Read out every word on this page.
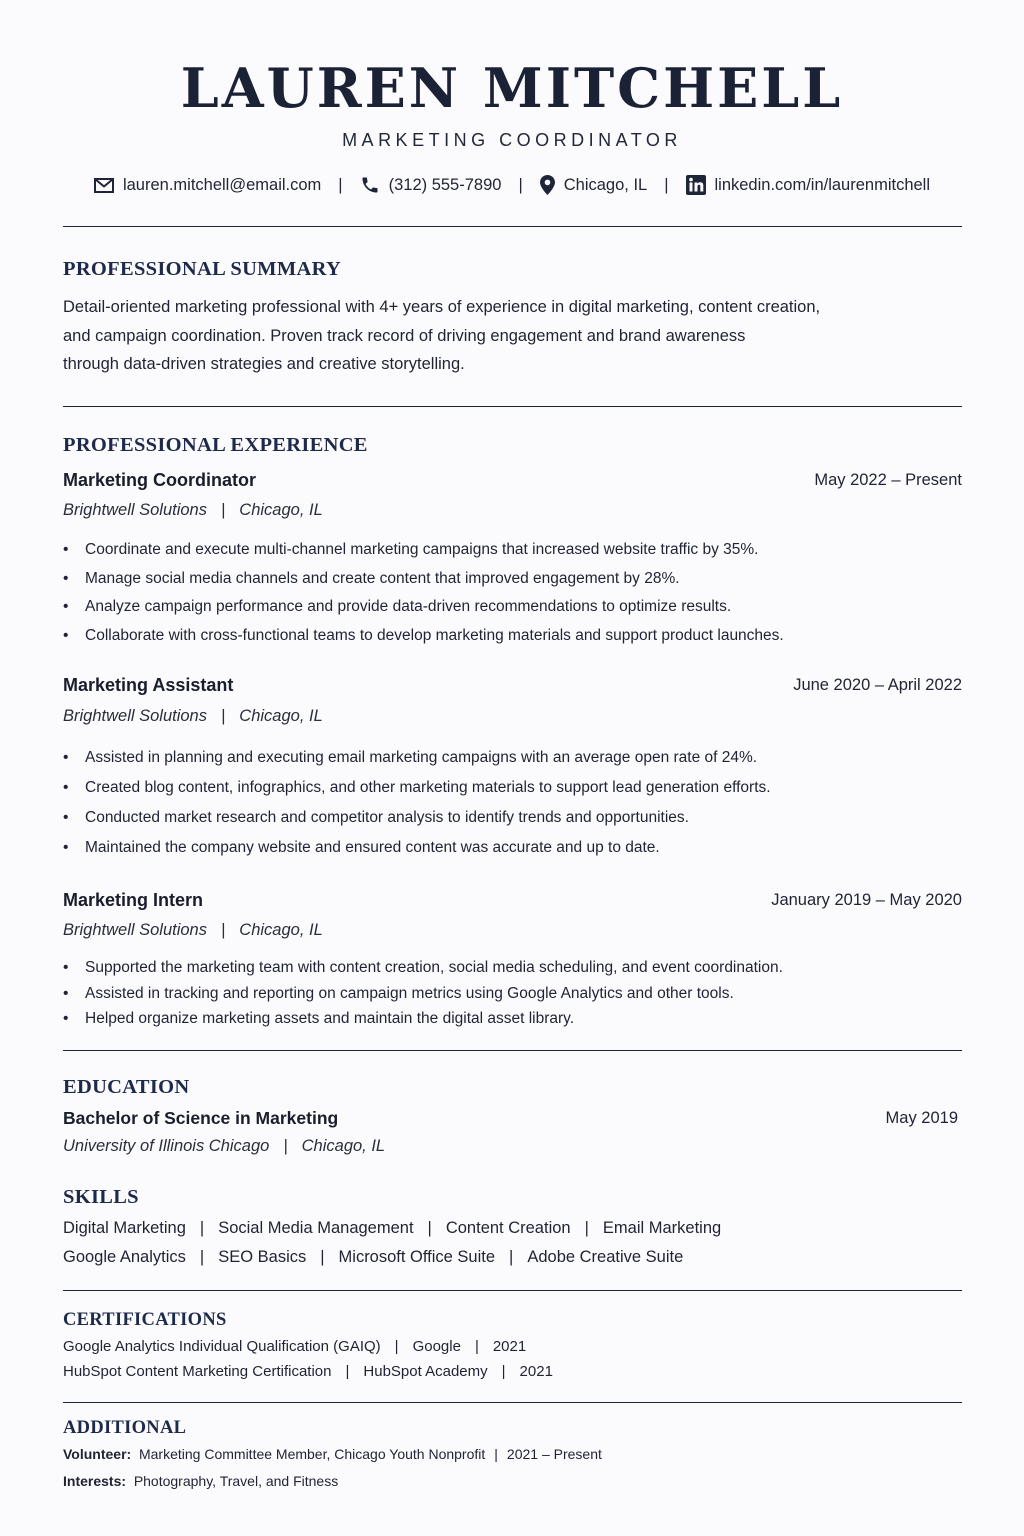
LAUREN MITCHELL
MARKETING COORDINATOR
lauren.mitchell@email.com |	(312) 555-7890 | Chicago, IL |	linkedin.com/in/laurenmitchell
PROFESSIONAL SUMMARY
Detail-oriented marketing professional with 4+ years of experience in digital marketing, content creation,
and campaign coordination. Proven track record of driving engagement and brand awareness
through data-driven strategies and creative storytelling.
PROFESSIONAL EXPERIENCE
Marketing Coordinator	May 2022 – Present
Brightwell Solutions | Chicago, IL
• Coordinate and execute multi-channel marketing campaigns that increased website traffic by 35%.
• Manage social media channels and create content that improved engagement by 28%.
• Analyze campaign performance and provide data-driven recommendations to optimize results.
• Collaborate with cross-functional teams to develop marketing materials and support product launches.
Marketing Assistant	June 2020 – April 2022
Brightwell Solutions | Chicago, IL
• Assisted in planning and executing email marketing campaigns with an average open rate of 24%.
• Created blog content, infographics, and other marketing materials to support lead generation efforts.
• Conducted market research and competitor analysis to identify trends and opportunities.
• Maintained the company website and ensured content was accurate and up to date.
Marketing Intern	January 2019 – May 2020
Brightwell Solutions | Chicago, IL
• Supported the marketing team with content creation, social media scheduling, and event coordination.
• Assisted in tracking and reporting on campaign metrics using Google Analytics and other tools.
• Helped organize marketing assets and maintain the digital asset library.
EDUCATION
Bachelor of Science in Marketing	May 2019
University of Illinois Chicago | Chicago, IL
SKILLS
Digital Marketing | Social Media Management | Content Creation | Email Marketing
Google Analytics | SEO Basics | Microsoft Office Suite | Adobe Creative Suite
CERTIFICATIONS
Google Analytics Individual Qualification (GAIQ) | Google | 2021
HubSpot Content Marketing Certification | HubSpot Academy | 2021
ADDITIONAL
Volunteer: Marketing Committee Member, Chicago Youth Nonprofit | 2021 – Present
Interests: Photography, Travel, and Fitness
